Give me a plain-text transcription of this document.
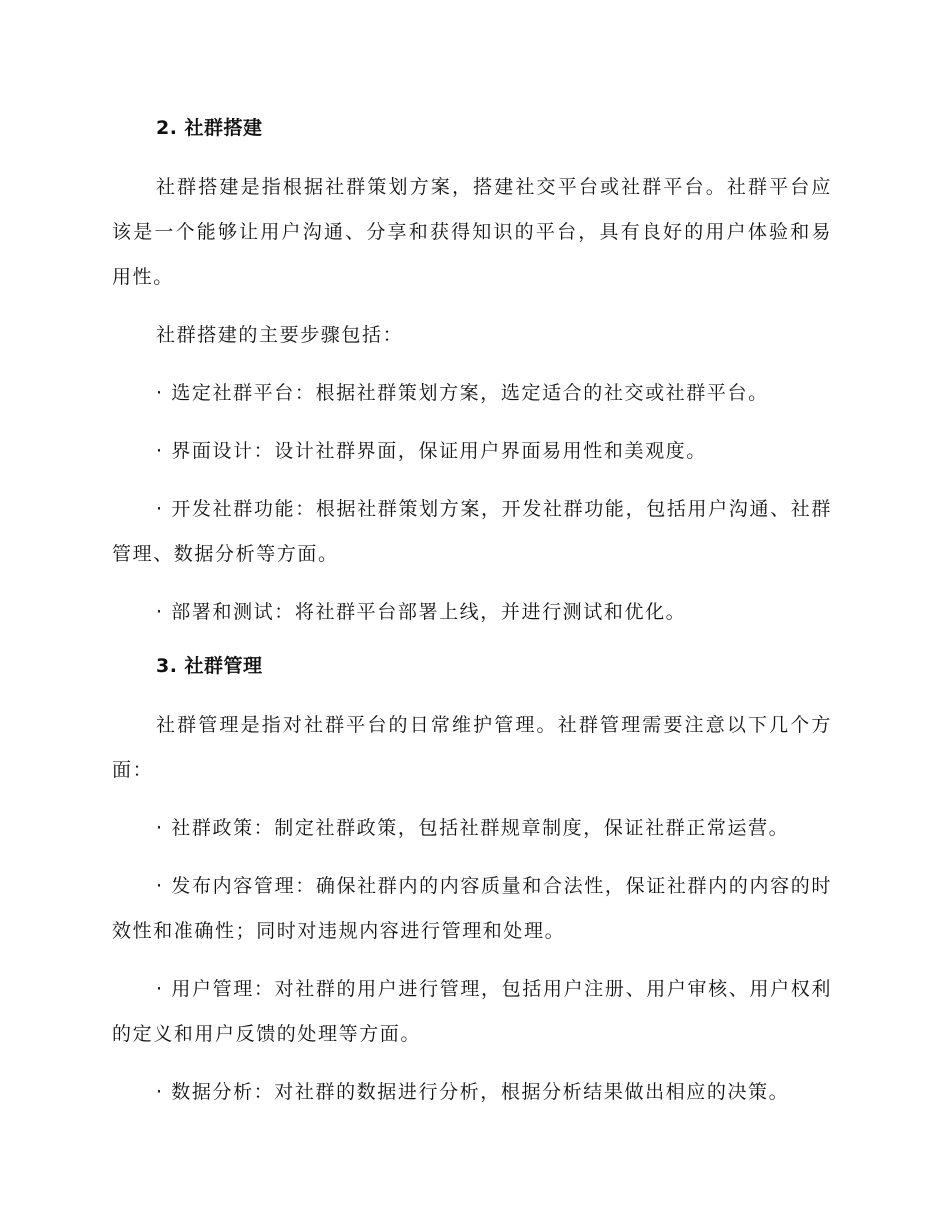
2. 社群搭建

社群搭建是指根据社群策划方案，搭建社交平台或社群平台。社群平台应该是一个能够让用户沟通、分享和获得知识的平台，具有良好的用户体验和易用性。

社群搭建的主要步骤包括：

· 选定社群平台：根据社群策划方案，选定适合的社交或社群平台。

· 界面设计：设计社群界面，保证用户界面易用性和美观度。

· 开发社群功能：根据社群策划方案，开发社群功能，包括用户沟通、社群管理、数据分析等方面。

· 部署和测试：将社群平台部署上线，并进行测试和优化。

3. 社群管理

社群管理是指对社群平台的日常维护管理。社群管理需要注意以下几个方面：

· 社群政策：制定社群政策，包括社群规章制度，保证社群正常运营。

· 发布内容管理：确保社群内的内容质量和合法性，保证社群内的内容的时效性和准确性；同时对违规内容进行管理和处理。

· 用户管理：对社群的用户进行管理，包括用户注册、用户审核、用户权利的定义和用户反馈的处理等方面。

· 数据分析：对社群的数据进行分析，根据分析结果做出相应的决策。
